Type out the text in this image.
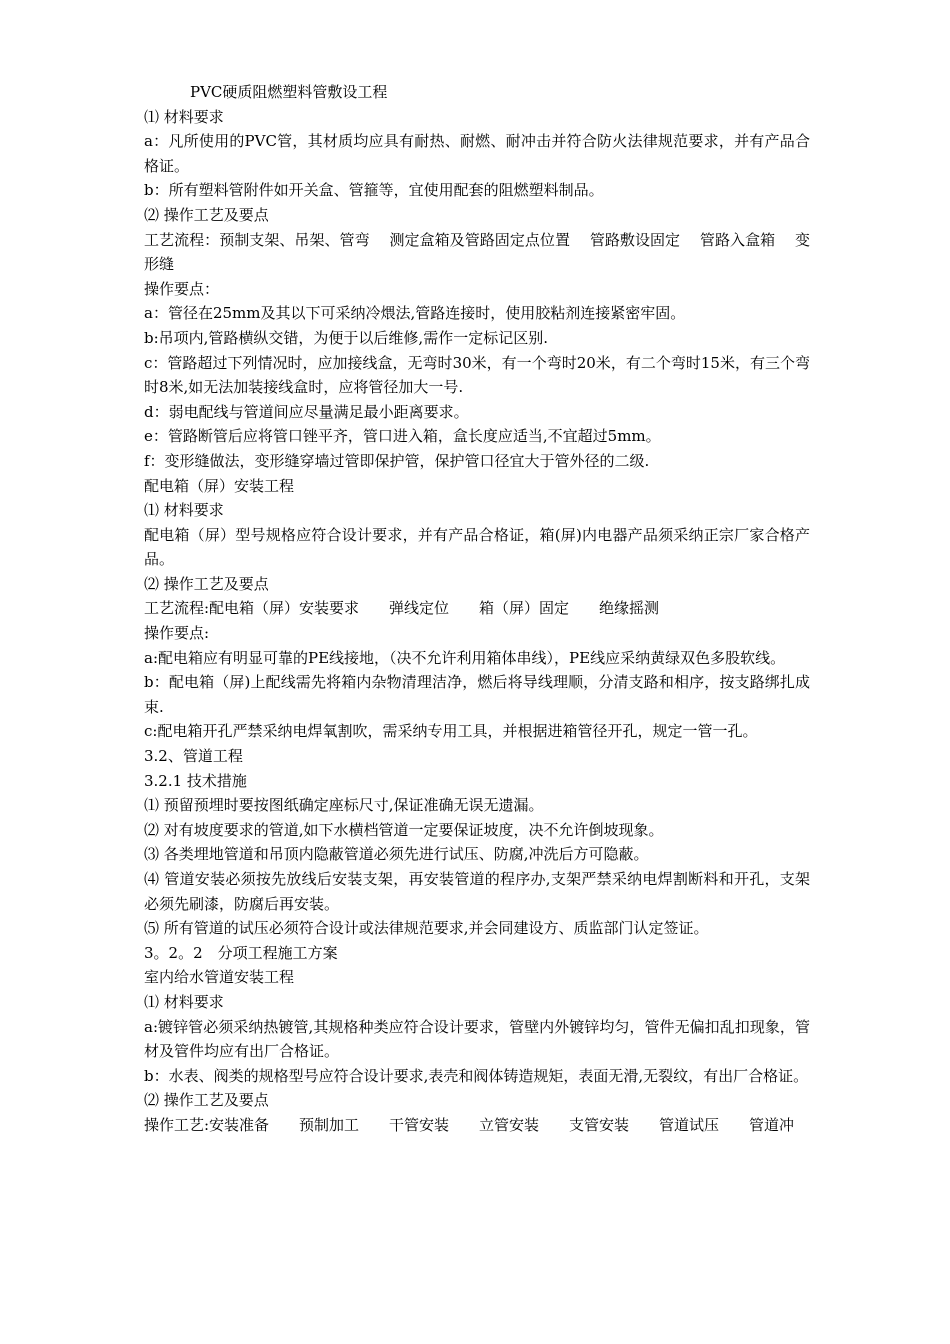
PVC硬质阻燃塑料管敷设工程

⑴ 材料要求

a：凡所使用的PVC管，其材质均应具有耐热、耐燃、耐冲击并符合防火法律规范要求，并有产品合格证。

b：所有塑料管附件如开关盒、管箍等，宜使用配套的阻燃塑料制品。

⑵ 操作工艺及要点

工艺流程：预制支架、吊架、管弯　 测定盒箱及管路固定点位置　 管路敷设固定　 管路入盒箱　 变形缝

操作要点：

a：管径在25mm及其以下可采纳冷煨法,管路连接时，使用胶粘剂连接紧密牢固。

b:吊项内,管路横纵交错，为便于以后维修,需作一定标记区别.

c：管路超过下列情况时，应加接线盒，无弯时30米，有一个弯时20米，有二个弯时15米，有三个弯时8米,如无法加装接线盒时，应将管径加大一号.

d：弱电配线与管道间应尽量满足最小距离要求。

e：管路断管后应将管口锉平齐，管口进入箱，盒长度应适当,不宜超过5mm。

f：变形缝做法，变形缝穿墙过管即保护管，保护管口径宜大于管外径的二级.

配电箱（屏）安装工程

⑴ 材料要求

配电箱（屏）型号规格应符合设计要求，并有产品合格证，箱(屏)内电器产品须采纳正宗厂家合格产品。

⑵ 操作工艺及要点

工艺流程:配电箱（屏）安装要求　　弹线定位　　箱（屏）固定　　绝缘摇测

操作要点:

a:配电箱应有明显可靠的PE线接地，（决不允许利用箱体串线），PE线应采纳黄绿双色多股软线。

b：配电箱（屏)上配线需先将箱内杂物清理洁净，燃后将导线理顺，分清支路和相序，按支路绑扎成束.

c:配电箱开孔严禁采纳电焊氧割吹，需采纳专用工具，并根据进箱管径开孔，规定一管一孔。

3.2、管道工程

3.2.1 技术措施

⑴ 预留预埋时要按图纸确定座标尺寸,保证准确无误无遗漏。

⑵ 对有坡度要求的管道,如下水横档管道一定要保证坡度，决不允许倒坡现象。

⑶ 各类埋地管道和吊顶内隐蔽管道必须先进行试压、防腐,冲洗后方可隐蔽。

⑷ 管道安装必须按先放线后安装支架，再安装管道的程序办,支架严禁采纳电焊割断料和开孔，支架必须先刷漆，防腐后再安装。

⑸ 所有管道的试压必须符合设计或法律规范要求,并会同建设方、质监部门认定签证。

3。2。2　分项工程施工方案

室内给水管道安装工程

⑴ 材料要求

a:镀锌管必须采纳热镀管,其规格种类应符合设计要求，管壁内外镀锌均匀，管件无偏扣乱扣现象，管材及管件均应有出厂合格证。

b：水表、阀类的规格型号应符合设计要求,表壳和阀体铸造规矩，表面无滑,无裂纹，有出厂合格证。

⑵ 操作工艺及要点

操作工艺:安装准备　　预制加工　　干管安装　　立管安装　　支管安装　　管道试压　　管道冲
